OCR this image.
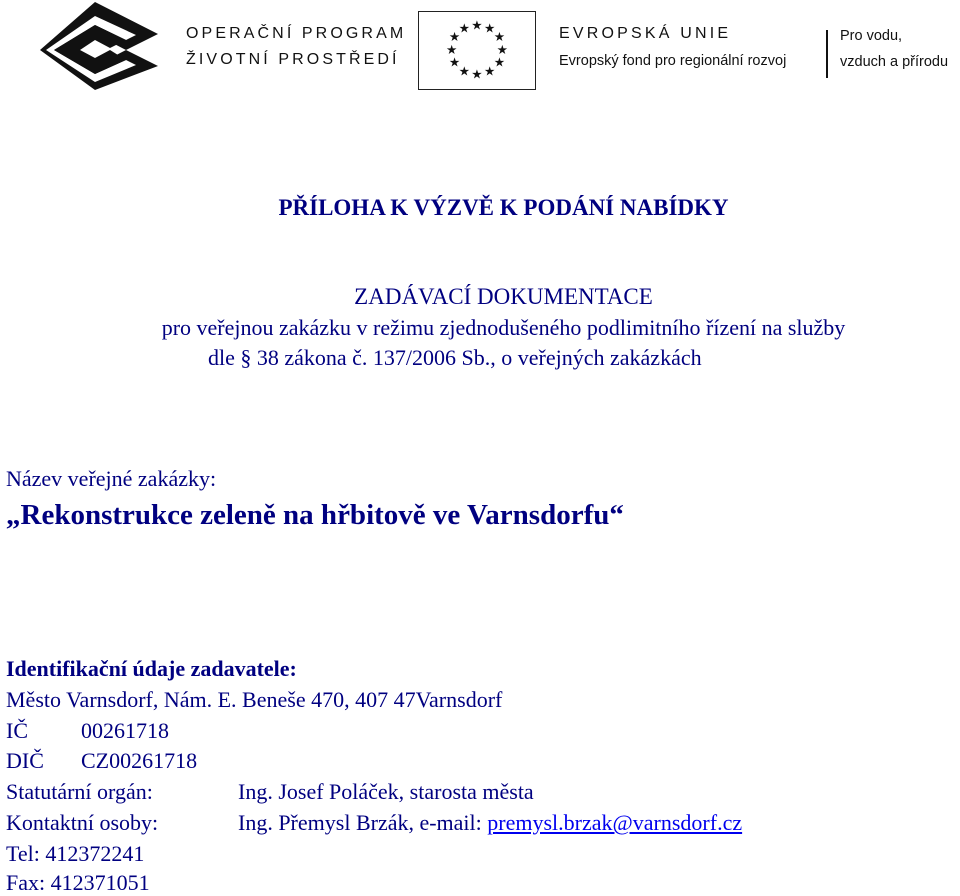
OPERAČNÍ PROGRAM
ŽIVOTNÍ PROSTŘEDÍ
★ ★
★
★
★
★
★
★
★
★
★
★	EVROPSKÁ UNIE
Evropský fond pro regionální rozvoj
Pro vodu,
vzduch a přírodu
PŘÍLOHA K VÝZVĚ K PODÁNÍ NABÍDKY
ZADÁVACÍ DOKUMENTACE
pro veřejnou zakázku v režimu zjednodušeného podlimitního řízení na služby
dle § 38 zákona č. 137/2006 Sb., o veřejných zakázkách
Název veřejné zakázky:
„Rekonstrukce zeleně na hřbitově ve Varnsdorfu“
Identifikační údaje zadavatele:
Město Varnsdorf, Nám. E. Beneše 470, 407 47Varnsdorf
IČ 00261718
DIČ CZ00261718
Statutární orgán:	Ing. Josef Poláček, starosta města
Kontaktní osoby:	Ing. Přemysl Brzák, e-mail: premysl.brzak@varnsdorf.cz
Tel: 412372241
Fax: 412371051
